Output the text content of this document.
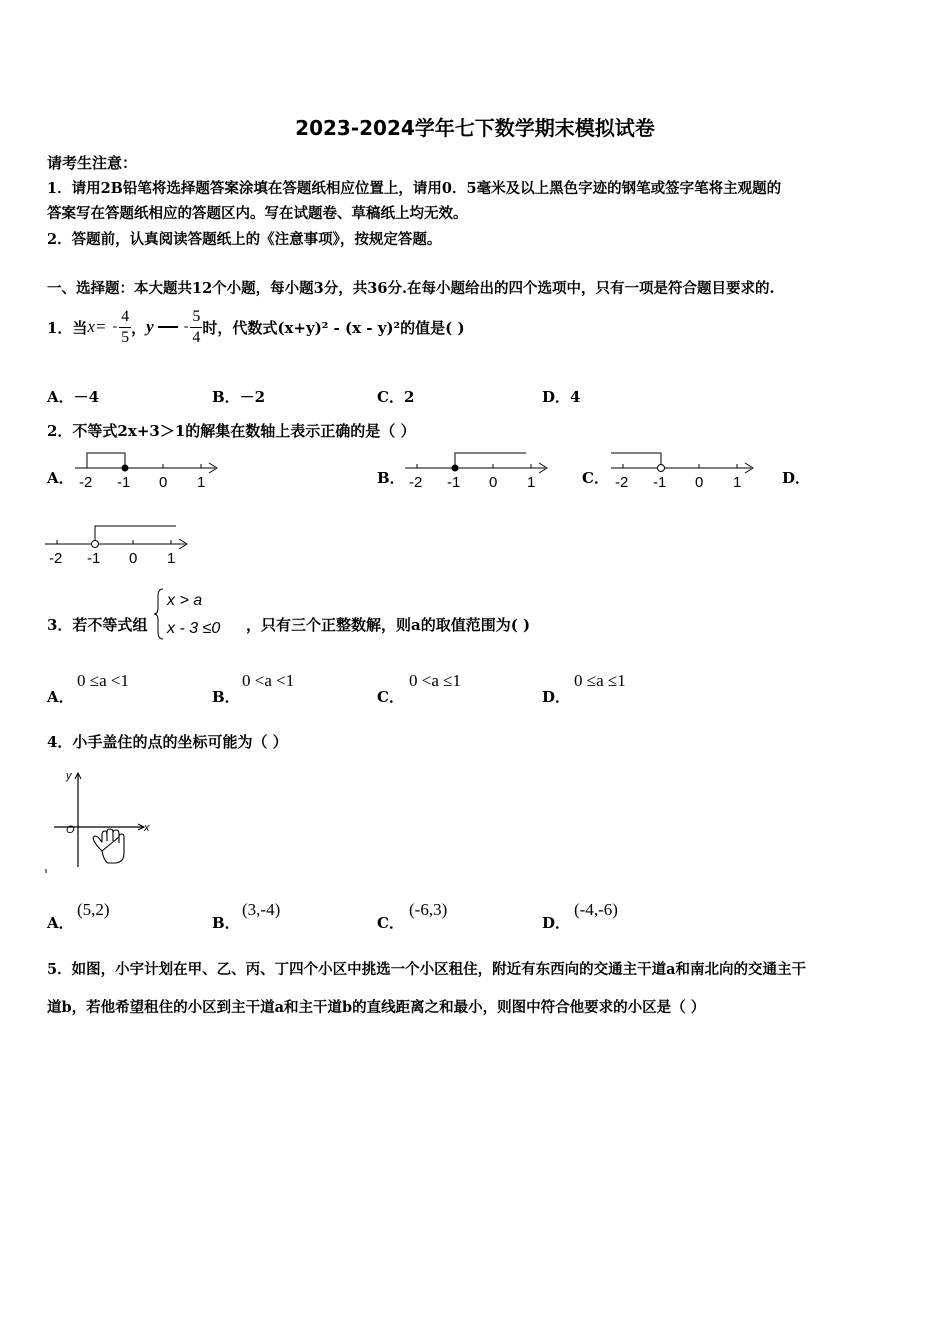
2023-2024学年七下数学期末模拟试卷
请考生注意：
1．请用2B铅笔将选择题答案涂填在答题纸相应位置上，请用0．5毫米及以上黑色字迹的钢笔或签字笔将主观题的
答案写在答题纸相应的答题区内。写在试题卷、草稿纸上均无效。
2．答题前，认真阅读答题纸上的《注意事项》，按规定答题。
一、选择题：本大题共12个小题，每小题3分，共36分.在每小题给出的四个选项中，只有一项是符合题目要求的.
1．当 $x= - \frac{4}{5}$ ， y - $\frac{5}{4}$ 时，代数式(x+y)² - (x - y)²的值是( )
A．－4	B．－2	C．2	D．4
2．不等式2x+3＞1的解集在数轴上表示正确的是（ ）
A． -2 -1 0 1	B． -2 -1 0 1	C． -2 -1 0 1	D．
-2 -1 0 1
3．若不等式组
x > a
x - 3 ≤0 ，只有三个正整数解，则a的取值范围为( )
A．
0 ≤a <1
B．
0 <a <1
C．
0 <a ≤1
D．
0 ≤a ≤1
4．小手盖住的点的坐标可能为（ ）
y
x
O
A．
(5,2)
B．
(3,-4)
C．
(-6,3)
D．
(-4,-6)
5．如图，小宇计划在甲、乙、丙、丁四个小区中挑选一个小区租住，附近有东西向的交通主干道a和南北向的交通主干
道b，若他希望租住的小区到主干道a和主干道b的直线距离之和最小，则图中符合他要求的小区是（ ）
